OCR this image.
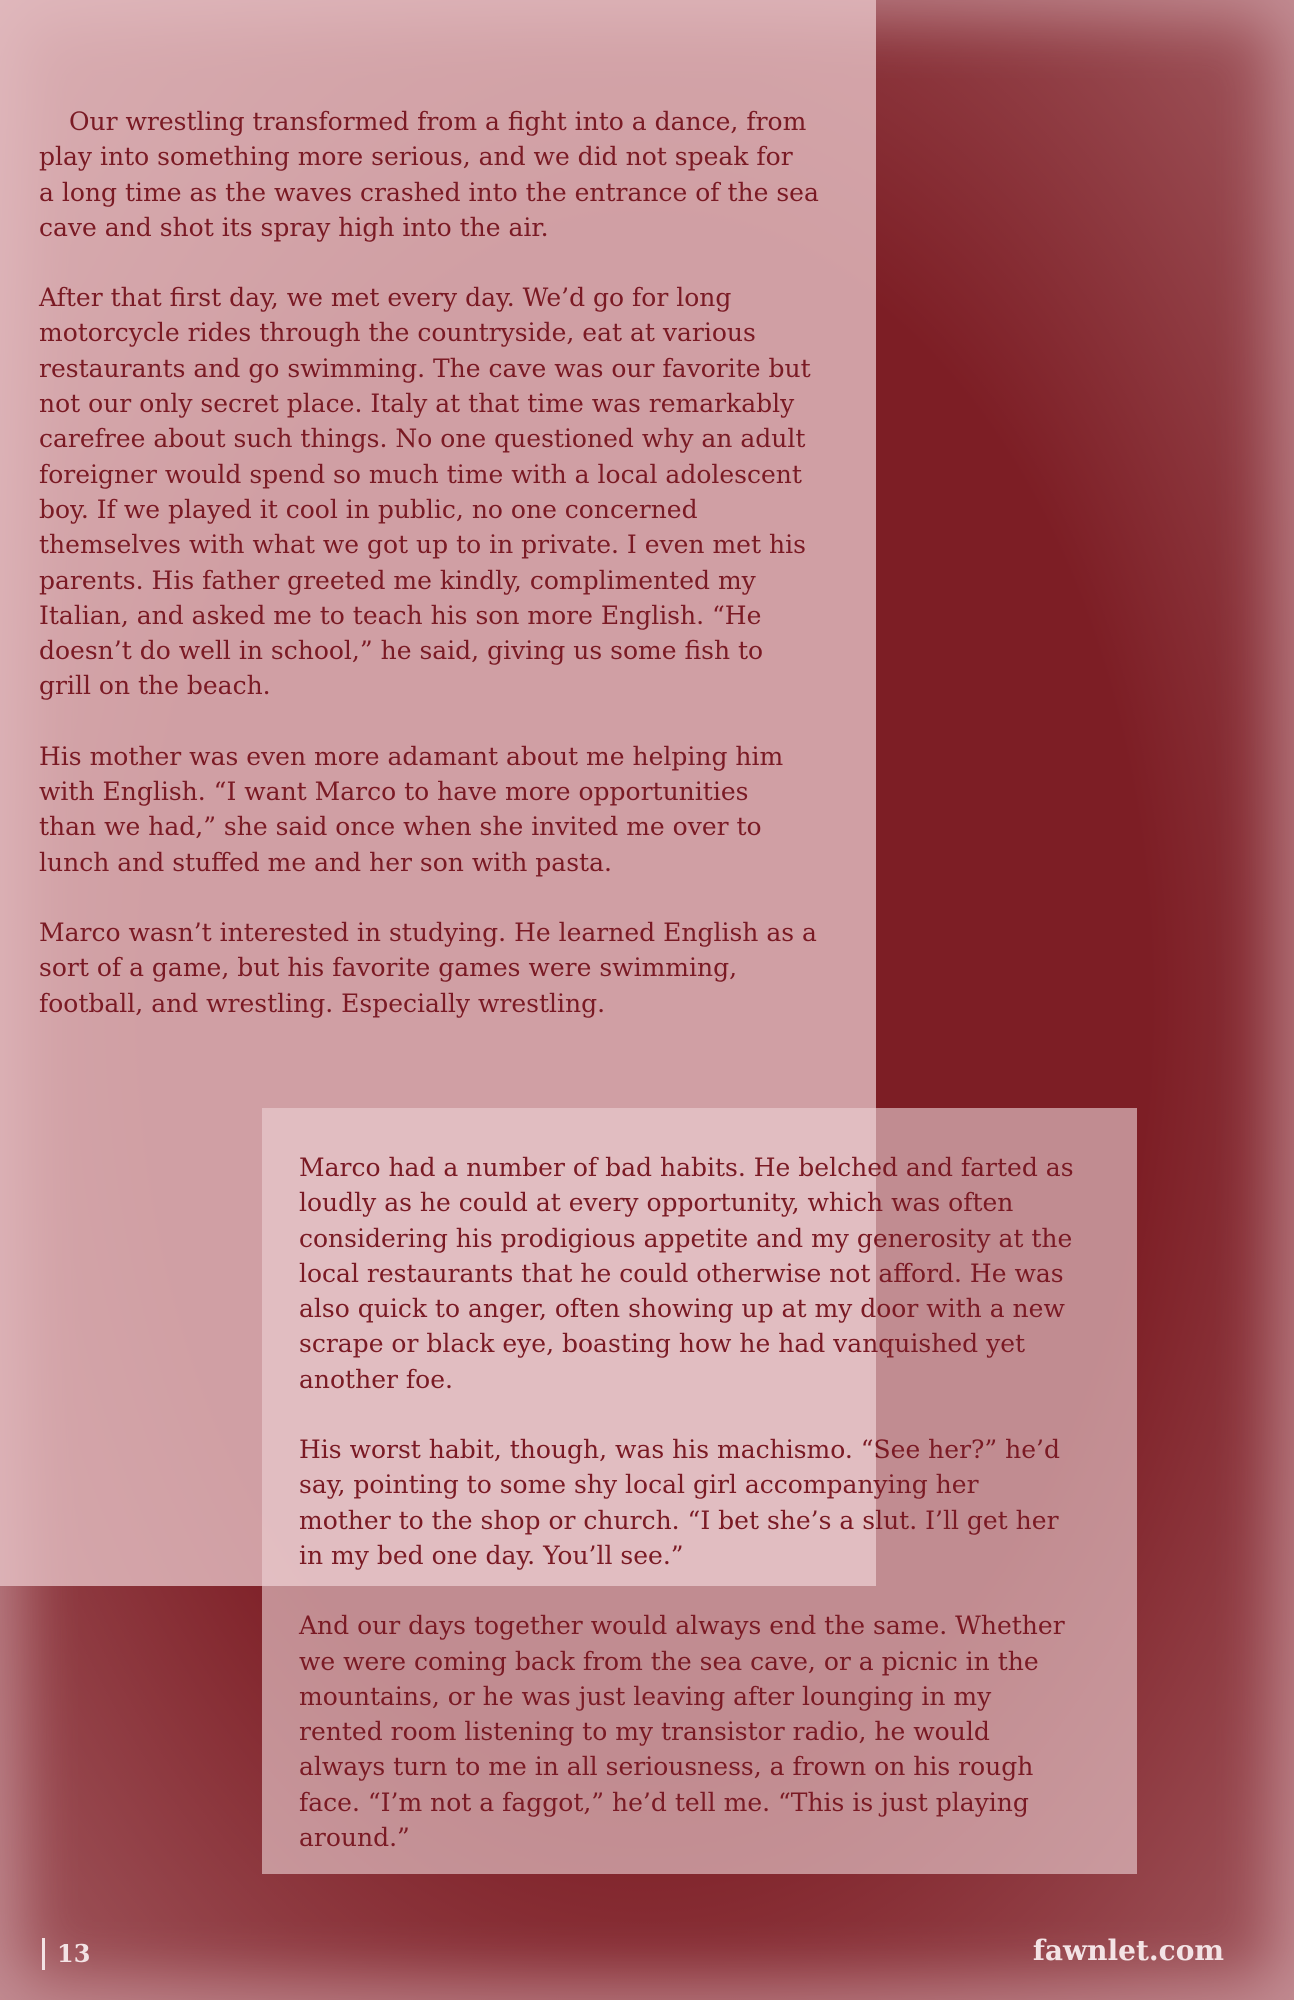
Our wrestling transformed from a fight into a dance, from
play into something more serious, and we did not speak for
a long time as the waves crashed into the entrance of the sea
cave and shot its spray high into the air.

After that first day, we met every day. We’d go for long
motorcycle rides through the countryside, eat at various
restaurants and go swimming. The cave was our favorite but
not our only secret place. Italy at that time was remarkably
carefree about such things. No one questioned why an adult
foreigner would spend so much time with a local adolescent
boy. If we played it cool in public, no one concerned
themselves with what we got up to in private. I even met his
parents. His father greeted me kindly, complimented my
Italian, and asked me to teach his son more English. “He
doesn’t do well in school,” he said, giving us some fish to
grill on the beach.

His mother was even more adamant about me helping him
with English. “I want Marco to have more opportunities
than we had,” she said once when she invited me over to
lunch and stuffed me and her son with pasta.

Marco wasn’t interested in studying. He learned English as a
sort of a game, but his favorite games were swimming,
football, and wrestling. Especially wrestling.

Marco had a number of bad habits. He belched and farted as
loudly as he could at every opportunity, which was often
considering his prodigious appetite and my generosity at the
local restaurants that he could otherwise not afford. He was
also quick to anger, often showing up at my door with a new
scrape or black eye, boasting how he had vanquished yet
another foe.

His worst habit, though, was his machismo. “See her?” he’d
say, pointing to some shy local girl accompanying her
mother to the shop or church. “I bet she’s a slut. I’ll get her
in my bed one day. You’ll see.”

And our days together would always end the same. Whether
we were coming back from the sea cave, or a picnic in the
mountains, or he was just leaving after lounging in my
rented room listening to my transistor radio, he would
always turn to me in all seriousness, a frown on his rough
face. “I’m not a faggot,” he’d tell me. “This is just playing
around.”

13	fawnlet.com
